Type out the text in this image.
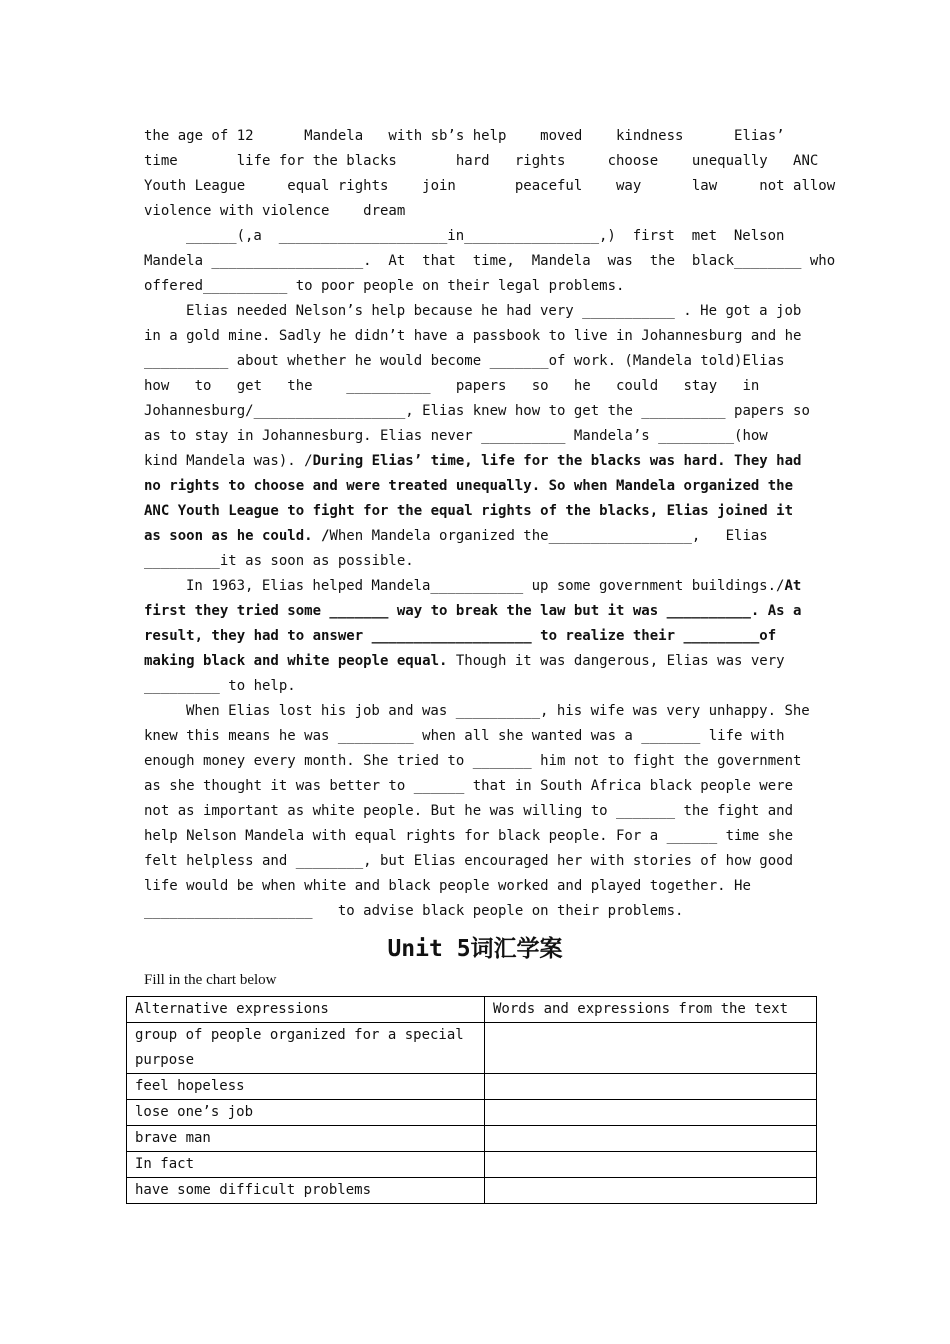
the age of 12      Mandela   with sb’s help    moved    kindness      Elias’
time       life for the blacks       hard   rights     choose    unequally   ANC
Youth League     equal rights    join       peaceful    way      law     not allow
violence with violence    dream
______(,a  ____________________in________________,)  first  met  Nelson
Mandela __________________.  At  that  time,  Mandela  was  the  black________ who
offered__________ to poor people on their legal problems.
Elias needed Nelson’s help because he had very ___________ . He got a job
in a gold mine. Sadly he didn’t have a passbook to live in Johannesburg and he
__________ about whether he would become _______of work. (Mandela told)Elias
how   to   get   the    __________   papers   so   he   could   stay   in
Johannesburg/__________________, Elias knew how to get the __________ papers so
as to stay in Johannesburg. Elias never __________ Mandela’s _________(how
kind Mandela was). /During Elias’ time, life for the blacks was hard. They had
no rights to choose and were treated unequally. So when Mandela organized the
ANC Youth League to fight for the equal rights of the blacks, Elias joined it
as soon as he could. /When Mandela organized the_________________,   Elias
_________it as soon as possible.
In 1963, Elias helped Mandela___________ up some government buildings./At
first they tried some _______ way to break the law but it was __________. As a
result, they had to answer ___________________ to realize their _________of
making black and white people equal. Though it was dangerous, Elias was very
_________ to help.
When Elias lost his job and was __________, his wife was very unhappy. She
knew this means he was _________ when all she wanted was a _______ life with
enough money every month. She tried to _______ him not to fight the government
as she thought it was better to ______ that in South Africa black people were
not as important as white people. But he was willing to _______ the fight and
help Nelson Mandela with equal rights for black people. For a ______ time she
felt helpless and ________, but Elias encouraged her with stories of how good
life would be when white and black people worked and played together. He
____________________   to advise black people on their problems.
Unit 5词汇学案
Fill in the chart below
Alternative expressions	Words and expressions from the text
group of people organized for a special purpose	
feel hopeless	
lose one’s job	
brave man	
In fact	
have some difficult problems	
